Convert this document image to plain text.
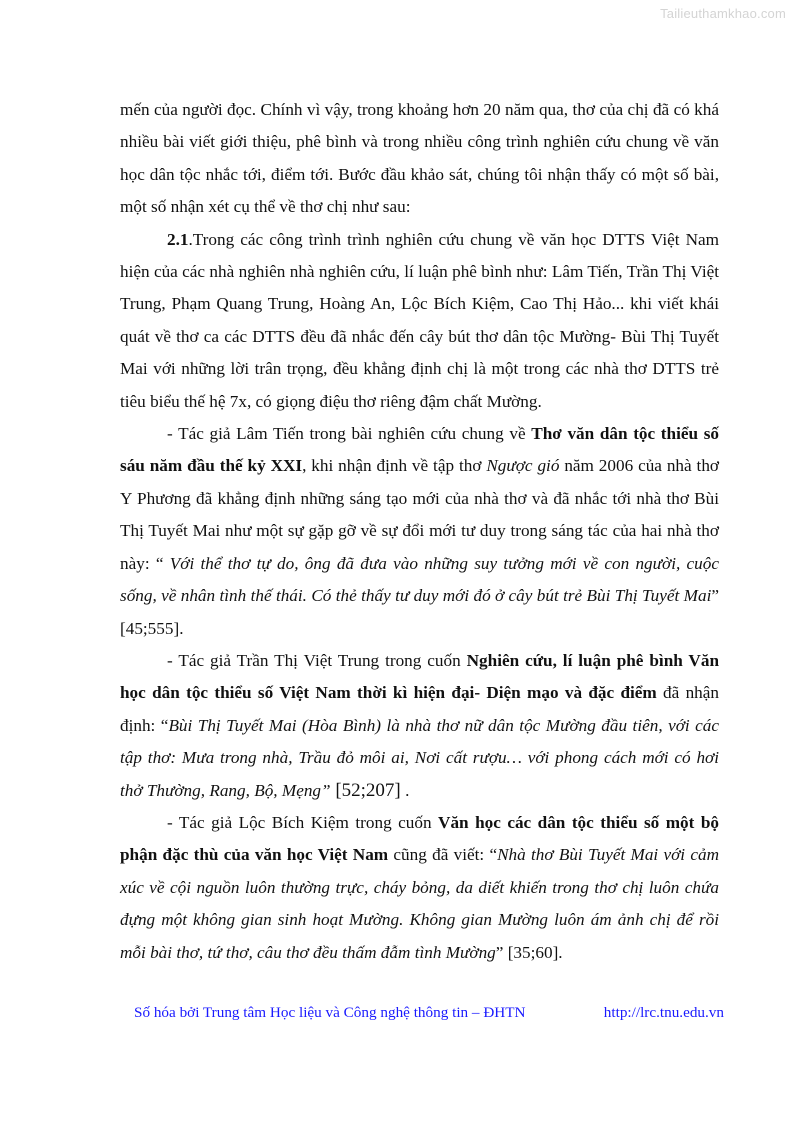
Tailieuthamkhao.com

mến của người đọc. Chính vì vậy, trong khoảng hơn 20 năm qua, thơ của chị đã có khá nhiều bài viết giới thiệu, phê bình và trong nhiều công trình nghiên cứu chung về văn học dân tộc nhắc tới, điểm tới. Bước đầu khảo sát, chúng tôi nhận thấy có một số bài, một số nhận xét cụ thể về thơ chị như sau:

2.1.Trong các công trình trình nghiên cứu chung về văn học DTTS Việt Nam hiện của các nhà nghiên nhà nghiên cứu, lí luận phê bình như: Lâm Tiến, Trần Thị Việt Trung, Phạm Quang Trung, Hoàng An, Lộc Bích Kiệm, Cao Thị Hảo... khi viết khái quát về thơ ca các DTTS đều đã nhắc đến cây bút thơ dân tộc Mường- Bùi Thị Tuyết Mai với những lời trân trọng, đều khẳng định chị là một trong các nhà thơ DTTS trẻ tiêu biểu thế hệ 7x, có giọng điệu thơ riêng đậm chất Mường.

- Tác giả Lâm Tiến trong bài nghiên cứu chung về Thơ văn dân tộc thiểu số sáu năm đầu thế kỷ XXI, khi nhận định về tập thơ Ngược gió năm 2006 của nhà thơ Y Phương đã khẳng định những sáng tạo mới của nhà thơ và đã nhắc tới nhà thơ Bùi Thị Tuyết Mai như một sự gặp gỡ về sự đổi mới tư duy trong sáng tác của hai nhà thơ này: “ Với thể thơ tự do, ông đã đưa vào những suy tưởng mới về con người, cuộc sống, về nhân tình thế thái. Có thẻ thấy tư duy mới đó ở cây bút trẻ Bùi Thị Tuyết Mai” [45;555].

- Tác giả Trần Thị Việt Trung trong cuốn Nghiên cứu, lí luận phê bình Văn học dân tộc thiểu số Việt Nam thời kì hiện đại- Diện mạo và đặc điểm đã nhận định: “Bùi Thị Tuyết Mai (Hòa Bình) là nhà thơ nữ dân tộc Mường đầu tiên, với các tập thơ: Mưa trong nhà, Trầu đỏ môi ai, Nơi cất rượu… với phong cách mới có hơi thở Thường, Rang, Bộ, Mẹng” [52;207] .

- Tác giả Lộc Bích Kiệm trong cuốn Văn học các dân tộc thiểu số một bộ phận đặc thù của văn học Việt Nam cũng đã viết: “Nhà thơ Bùi Tuyết Mai với cảm xúc về cội nguồn luôn thường trực, cháy bỏng, da diết khiến trong thơ chị luôn chứa đựng một không gian sinh hoạt Mường. Không gian Mường luôn ám ảnh chị để rồi mỗi bài thơ, tứ thơ, câu thơ đều thấm đẫm tình Mường” [35;60].

Số hóa bởi Trung tâm Học liệu và Công nghệ thông tin – ĐHTN	http://lrc.tnu.edu.vn
